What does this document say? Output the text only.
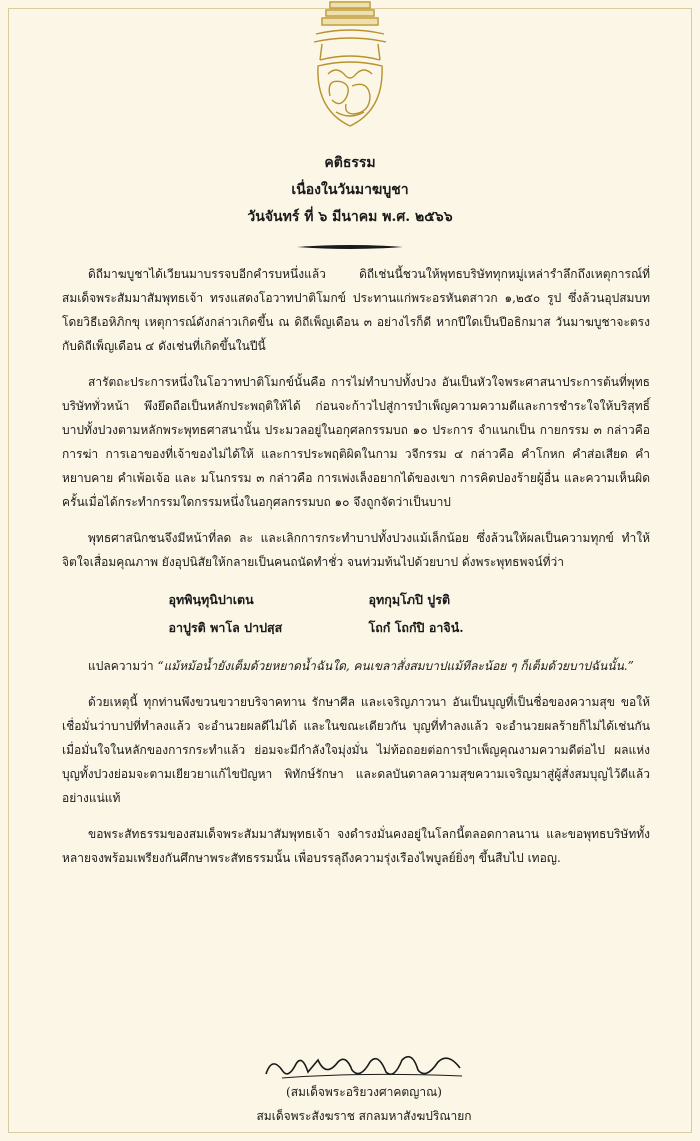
คติธรรม
เนื่องในวันมาฆบูชา
วันจันทร์ ที่ ๖ มีนาคม พ.ศ. ๒๕๖๖

ดิถีมาฆบูชาได้เวียนมาบรรจบอีกคำรบหนึ่งแล้ว ดิถีเช่นนี้ชวนให้พุทธบริษัททุกหมู่เหล่ารำลึกถึงเหตุการณ์ที่สมเด็จพระสัมมาสัมพุทธเจ้า ทรงแสดงโอวาทปาติโมกข์ ประทานแก่พระอรหันตสาวก ๑,๒๕๐ รูป ซึ่งล้วนอุปสมบทโดยวิธีเอหิภิกขุ เหตุการณ์ดังกล่าวเกิดขึ้น ณ ดิถีเพ็ญเดือน ๓ อย่างไรก็ดี หากปีใดเป็นปีอธิกมาส วันมาฆบูชาจะตรงกับดิถีเพ็ญเดือน ๔ ดังเช่นที่เกิดขึ้นในปีนี้

สารัตถะประการหนึ่งในโอวาทปาติโมกข์นั้นคือ การไม่ทำบาปทั้งปวง อันเป็นหัวใจพระศาสนาประการต้นที่พุทธบริษัททั่วหน้า พึงยึดถือเป็นหลักประพฤติให้ได้ ก่อนจะก้าวไปสู่การบำเพ็ญความความดีและการชำระใจให้บริสุทธิ์ บาปทั้งปวงตามหลักพระพุทธศาสนานั้น ประมวลอยู่ในอกุศลกรรมบถ ๑๐ ประการ จำแนกเป็น กายกรรม ๓ กล่าวคือการฆ่า การเอาของที่เจ้าของไม่ได้ให้ และการประพฤติผิดในกาม วจีกรรม ๔ กล่าวคือ คำโกหก คำส่อเสียด คำหยาบคาย คำเพ้อเจ้อ และ มโนกรรม ๓ กล่าวคือ การเพ่งเล็งอยากได้ของเขา การคิดปองร้ายผู้อื่น และความเห็นผิด ครั้นเมื่อได้กระทำกรรมใดกรรมหนึ่งในอกุศลกรรมบถ ๑๐ จึงถูกจัดว่าเป็นบาป

พุทธศาสนิกชนจึงมีหน้าที่ลด ละ และเลิกการกระทำบาปทั้งปวงแม้เล็กน้อย ซึ่งล้วนให้ผลเป็นความทุกข์ ทำให้จิตใจเสื่อมคุณภาพ ยังอุปนิสัยให้กลายเป็นคนถนัดทำชั่ว จนท่วมท้นไปด้วยบาป ดั่งพระพุทธพจน์ที่ว่า

อุทพินฺทุนิปาเตน	อุทกุมฺโภปิ ปูรติ
อาปูรติ พาโล ปาปสฺส	โถกํ โถกํปิ อาจินํ.

แปลความว่า “แม้หม้อน้ำยังเต็มด้วยหยาดน้ำฉันใด, คนเขลาสั่งสมบาปแม้ทีละน้อย ๆ ก็เต็มด้วยบาปฉันนั้น.”

ด้วยเหตุนี้ ทุกท่านพึงขวนขวายบริจาคทาน รักษาศีล และเจริญภาวนา อันเป็นบุญที่เป็นชื่อของความสุข ขอให้เชื่อมั่นว่าบาปที่ทำลงแล้ว จะอำนวยผลดีไม่ได้ และในขณะเดียวกัน บุญที่ทำลงแล้ว จะอำนวยผลร้ายก็ไม่ได้เช่นกัน เมื่อมั่นใจในหลักของการกระทำแล้ว ย่อมจะมีกำลังใจมุ่งมั่น ไม่ท้อถอยต่อการบำเพ็ญคุณงามความดีต่อไป ผลแห่งบุญทั้งปวงย่อมจะตามเยียวยาแก้ไขปัญหา พิทักษ์รักษา และดลบันดาลความสุขความเจริญมาสู่ผู้สั่งสมบุญไว้ดีแล้วอย่างแน่แท้

ขอพระสัทธรรมของสมเด็จพระสัมมาสัมพุทธเจ้า จงดำรงมั่นคงอยู่ในโลกนี้ตลอดกาลนาน และขอพุทธบริษัททั้งหลายจงพร้อมเพรียงกันศึกษาพระสัทธรรมนั้น เพื่อบรรลุถึงความรุ่งเรืองไพบูลย์ยิ่งๆ ขึ้นสืบไป เทอญ.

(สมเด็จพระอริยวงศาคตญาณ)
สมเด็จพระสังฆราช สกลมหาสังฆปริณายก
